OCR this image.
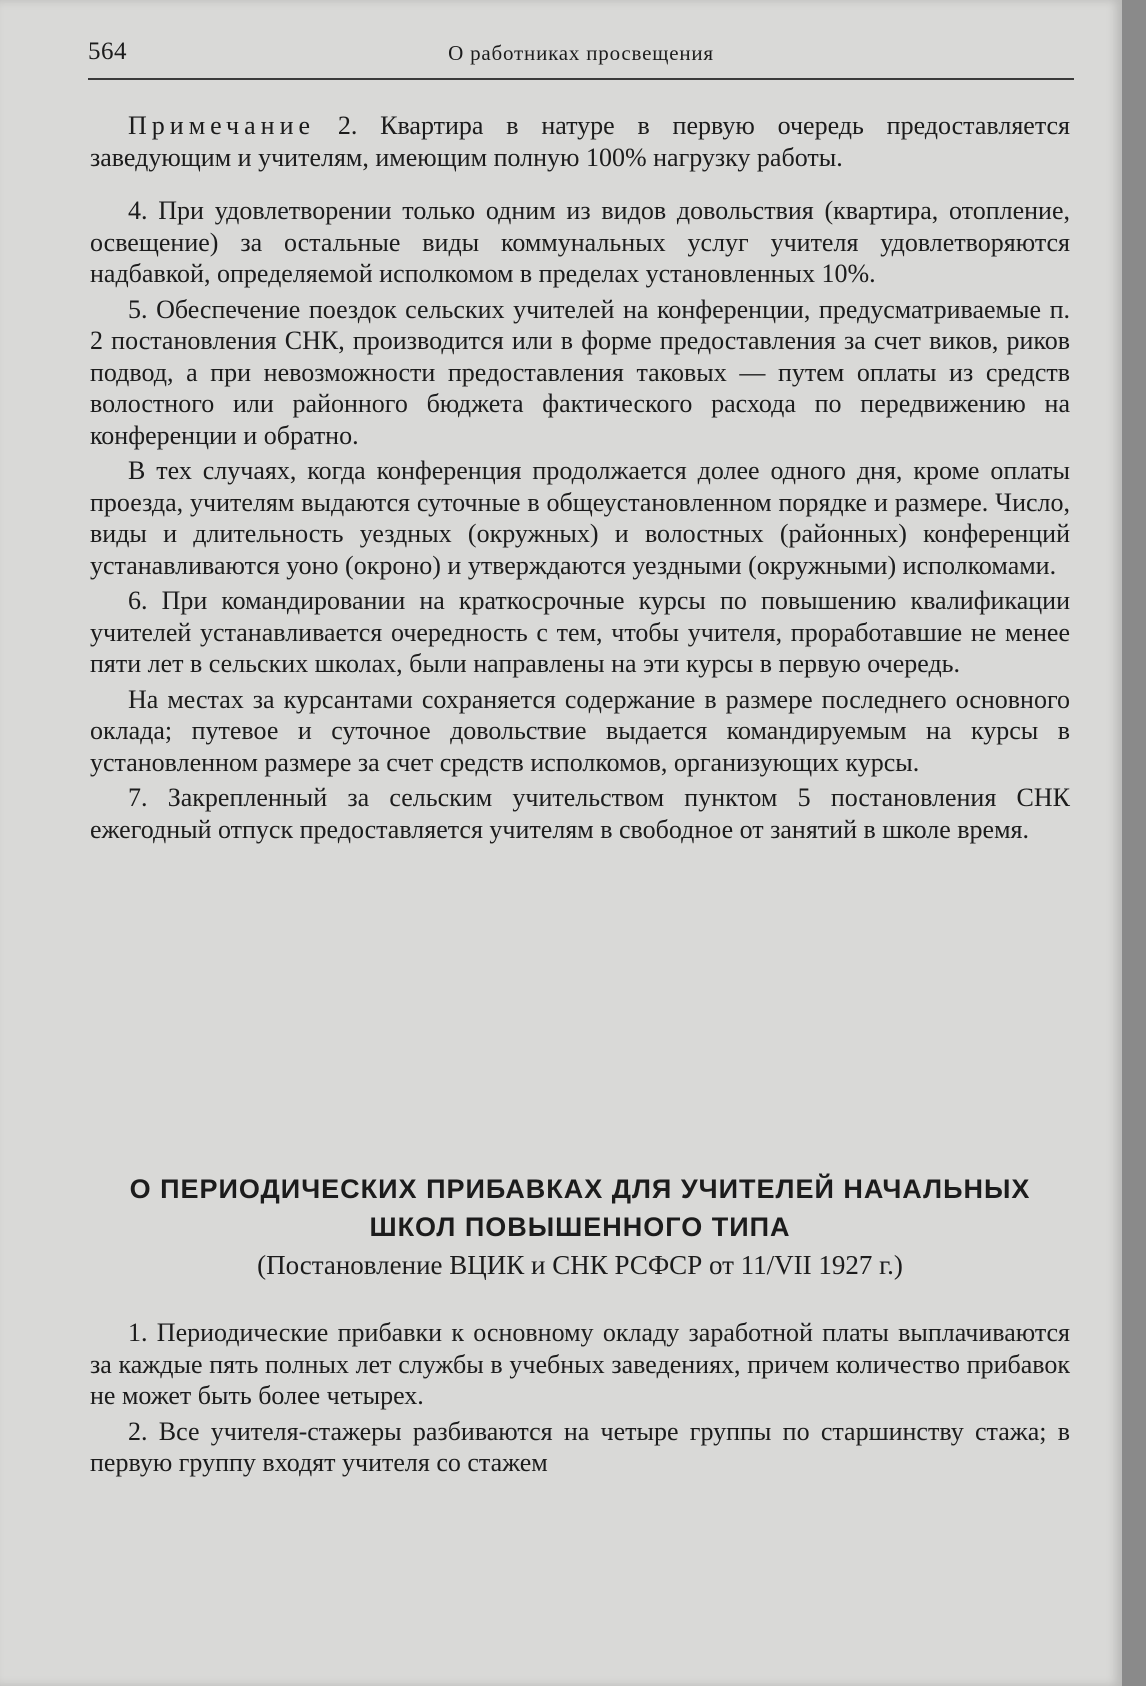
564	О работниках просвещения

Примечание 2. Квартира в натуре в первую очередь предоставляется заведующим и учителям, имеющим полную 100% нагрузку работы.

4. При удовлетворении только одним из видов довольствия (квартира, отопление, освещение) за остальные виды коммунальных услуг учителя удовлетворяются надбавкой, определяемой исполкомом в пределах установленных 10%.

5. Обеспечение поездок сельских учителей на конференции, предусматриваемые п. 2 постановления СНК, производится или в форме предоставления за счет виков, риков подвод, а при невозможности предоставления таковых — путем оплаты из средств волостного или районного бюджета фактического расхода по передвижению на конференции и обратно.

В тех случаях, когда конференция продолжается долее одного дня, кроме оплаты проезда, учителям выдаются суточные в общеустановленном порядке и размере. Число, виды и длительность уездных (окружных) и волостных (районных) конференций устанавливаются уоно (окроно) и утверждаются уездными (окружными) исполкомами.

6. При командировании на краткосрочные курсы по повышению квалификации учителей устанавливается очередность с тем, чтобы учителя, проработавшие не менее пяти лет в сельских школах, были направлены на эти курсы в первую очередь.

На местах за курсантами сохраняется содержание в размере последнего основного оклада; путевое и суточное довольствие выдается командируемым на курсы в установленном размере за счет средств исполкомов, организующих курсы.

7. Закрепленный за сельским учительством пунктом 5 постановления СНК ежегодный отпуск предоставляется учителям в свободное от занятий в школе время.

О ПЕРИОДИЧЕСКИХ ПРИБАВКАХ ДЛЯ УЧИТЕЛЕЙ НАЧАЛЬНЫХ
ШКОЛ ПОВЫШЕННОГО ТИПА
(Постановление ВЦИК и СНК РСФСР от 11/VII 1927 г.)

1. Периодические прибавки к основному окладу заработной платы выплачиваются за каждые пять полных лет службы в учебных заведениях, причем количество прибавок не может быть более четырех.

2. Все учителя-стажеры разбиваются на четыре группы по старшинству стажа; в первую группу входят учителя со стажем
